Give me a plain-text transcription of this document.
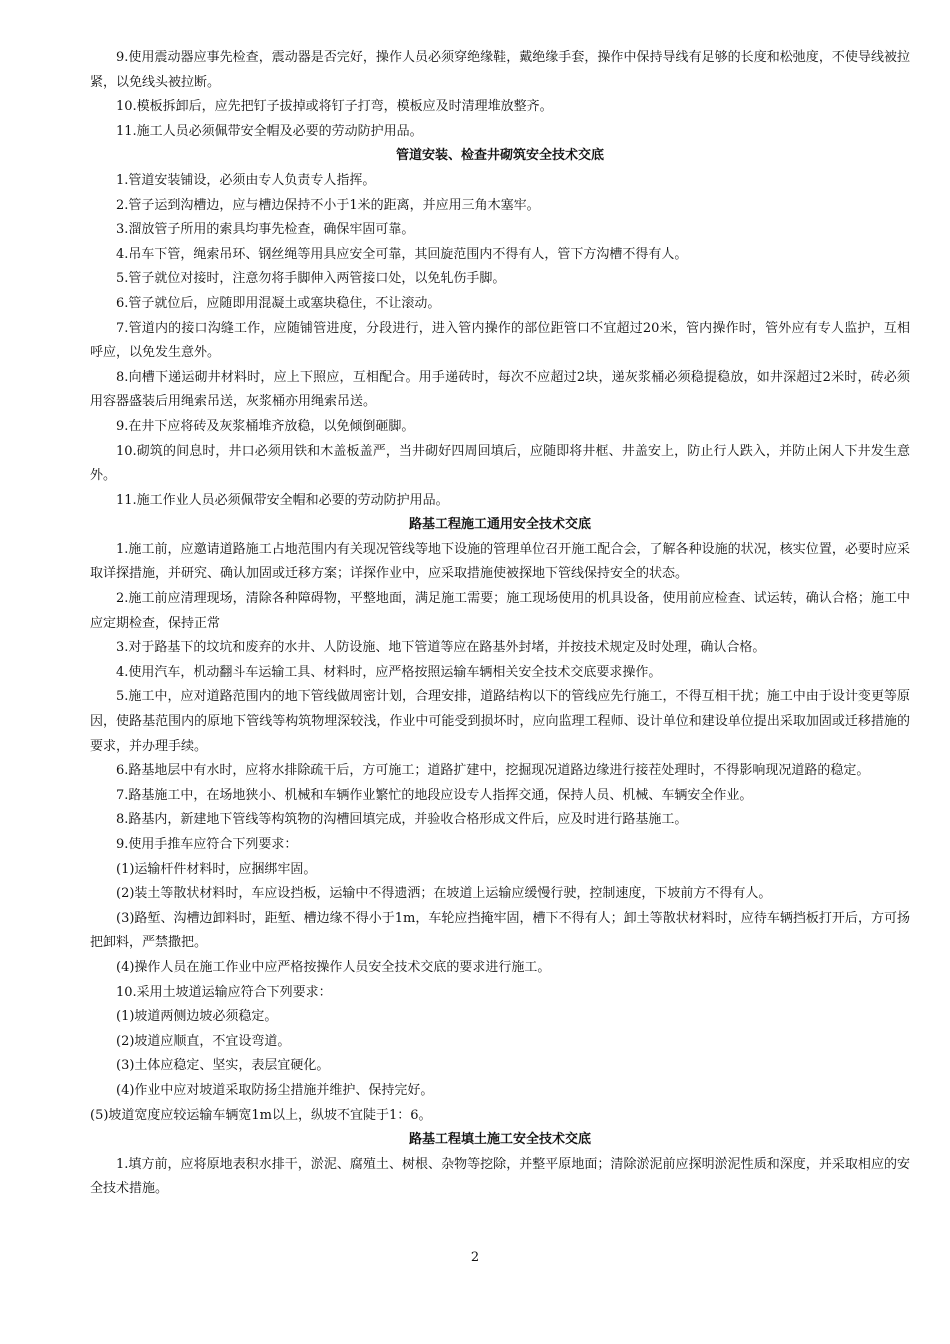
9.使用震动器应事先检查，震动器是否完好，操作人员必须穿绝缘鞋，戴绝缘手套，操作中保持导线有足够的长度和松弛度，不使导线被拉紧，以免线头被拉断。

10.模板拆卸后，应先把钉子拔掉或将钉子打弯，模板应及时清理堆放整齐。

11.施工人员必须佩带安全帽及必要的劳动防护用品。

管道安装、检查井砌筑安全技术交底

1.管道安装铺设，必须由专人负责专人指挥。

2.管子运到沟槽边，应与槽边保持不小于1米的距离，并应用三角木塞牢。

3.溜放管子所用的索具均事先检查，确保牢固可靠。

4.吊车下管，绳索吊环、钢丝绳等用具应安全可靠，其回旋范围内不得有人，管下方沟槽不得有人。

5.管子就位对接时，注意勿将手脚伸入两管接口处，以免轧伤手脚。

6.管子就位后，应随即用混凝土或塞块稳住，不让滚动。

7.管道内的接口沟缝工作，应随铺管进度，分段进行，进入管内操作的部位距管口不宜超过20米，管内操作时，管外应有专人监护，互相呼应，以免发生意外。

8.向槽下递运砌井材料时，应上下照应，互相配合。用手递砖时，每次不应超过2块，递灰浆桶必须稳提稳放，如井深超过2米时，砖必须用容器盛装后用绳索吊送，灰浆桶亦用绳索吊送。

9.在井下应将砖及灰浆桶堆齐放稳，以免倾倒砸脚。

10.砌筑的间息时，井口必须用铁和木盖板盖严，当井砌好四周回填后，应随即将井框、井盖安上，防止行人跌入，并防止闲人下井发生意外。

11.施工作业人员必须佩带安全帽和必要的劳动防护用品。

路基工程施工通用安全技术交底

1.施工前，应邀请道路施工占地范围内有关现况管线等地下设施的管理单位召开施工配合会，了解各种设施的状况，核实位置，必要时应采取详探措施，并研究、确认加固或迁移方案；详探作业中，应采取措施使被探地下管线保持安全的状态。

2.施工前应清理现场，清除各种障碍物，平整地面，满足施工需要；施工现场使用的机具设备，使用前应检查、试运转，确认合格；施工中应定期检查，保持正常

3.对于路基下的坟坑和废弃的水井、人防设施、地下管道等应在路基外封堵，并按技术规定及时处理，确认合格。

4.使用汽车，机动翻斗车运输工具、材料时，应严格按照运输车辆相关安全技术交底要求操作。

5.施工中，应对道路范围内的地下管线做周密计划，合理安排，道路结构以下的管线应先行施工，不得互相干扰；施工中由于设计变更等原因，使路基范围内的原地下管线等构筑物埋深较浅，作业中可能受到损坏时，应向监理工程师、设计单位和建设单位提出采取加固或迁移措施的要求，并办理手续。

6.路基地层中有水时，应将水排除疏干后，方可施工；道路扩建中，挖掘现况道路边缘进行接茬处理时，不得影响现况道路的稳定。

7.路基施工中，在场地狭小、机械和车辆作业繁忙的地段应设专人指挥交通，保持人员、机械、车辆安全作业。

8.路基内，新建地下管线等构筑物的沟槽回填完成，并验收合格形成文件后，应及时进行路基施工。

9.使用手推车应符合下列要求：

(1)运输杆件材料时，应捆绑牢固。

(2)装土等散状材料时，车应设挡板，运输中不得遗洒；在坡道上运输应缓慢行驶，控制速度，下坡前方不得有人。

(3)路堑、沟槽边卸料时，距堑、槽边缘不得小于1m，车轮应挡掩牢固，槽下不得有人；卸土等散状材料时，应待车辆挡板打开后，方可扬把卸料，严禁撒把。

(4)操作人员在施工作业中应严格按操作人员安全技术交底的要求进行施工。

10.采用土坡道运输应符合下列要求：

(1)坡道两侧边坡必须稳定。

(2)坡道应顺直，不宜设弯道。

(3)土体应稳定、坚实，表层宜硬化。

(4)作业中应对坡道采取防扬尘措施并维护、保持完好。

(5)坡道宽度应较运输车辆宽1m以上，纵坡不宜陡于1：6。

路基工程填土施工安全技术交底

1.填方前，应将原地表积水排干，淤泥、腐殖土、树根、杂物等挖除，并整平原地面；清除淤泥前应探明淤泥性质和深度，并采取相应的安全技术措施。

2
